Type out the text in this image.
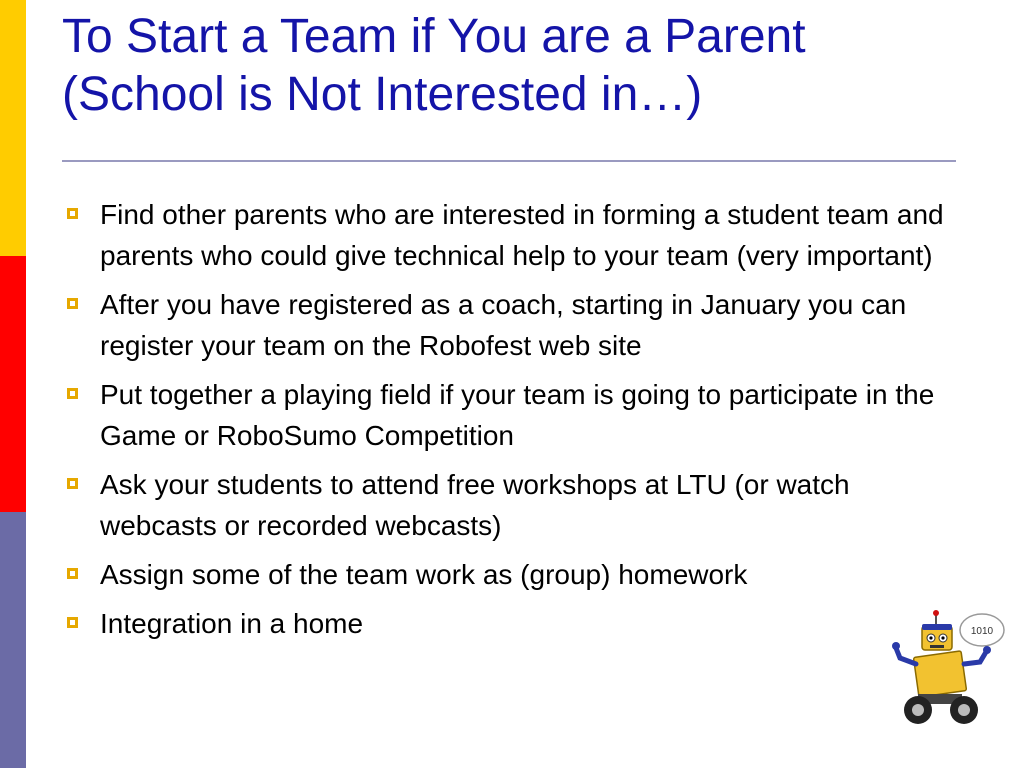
To Start a Team if You are a Parent
(School is Not Interested in…)
Find other parents who are interested in forming a student team and parents who could give technical help to your team (very important)
After you have registered as a coach, starting in January you can register your team on the Robofest web site
Put together a playing field if your team is going to participate in the Game or RoboSumo Competition
Ask your students to attend free workshops at LTU (or watch webcasts or recorded webcasts)
Assign some of the team work as (group) homework
Integration in a home	1010
